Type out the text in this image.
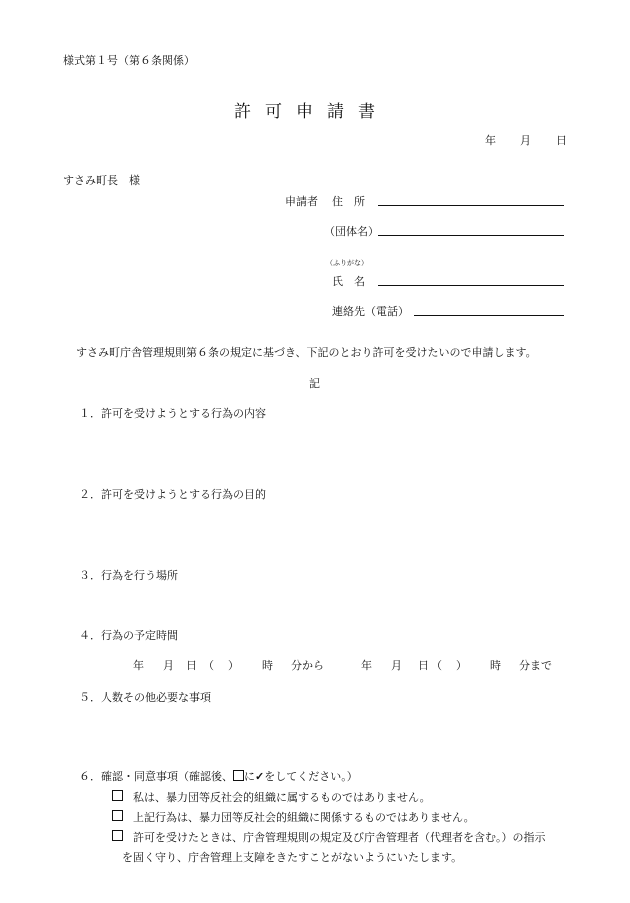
様式第１号（第６条関係）
許可申請書
年 月 日
すさみ町長　様
申請者 住　所
（団体名）
（ふりがな）
氏　名
連絡先（電話）
すさみ町庁舎管理規則第６条の規定に基づき、下記のとおり許可を受けたいので申請します。
記
１．許可を受けようとする行為の内容
２．許可を受けようとする行為の目的
３．行為を行う場所
４．行為の予定時間
年 月 日 （ ） 時 分から	年 月 日 （ ） 時 分まで
５．人数その他必要な事項
６．確認・同意事項（確認後、 に✓をしてください。）
私は、暴力団等反社会的組織に属するものではありません。
上記行為は、暴力団等反社会的組織に関係するものではありません。
許可を受けたときは、庁舎管理規則の規定及び庁舎管理者（代理者を含む。）の指示
を固く守り、庁舎管理上支障をきたすことがないようにいたします。
